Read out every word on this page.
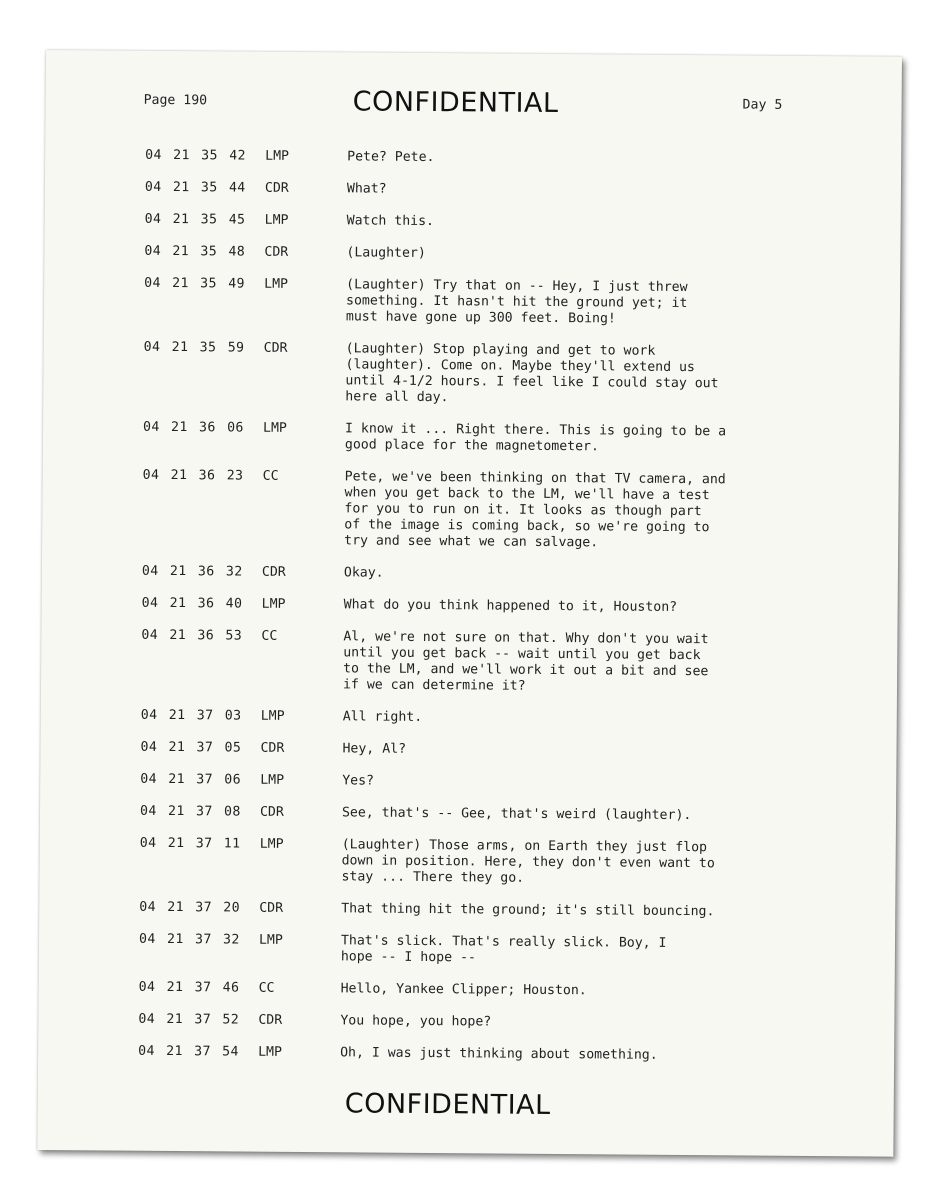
Page 190	CONFIDENTIAL	Day 5
04 21 35 42 LMP	Pete? Pete.
04 21 35 44 CDR	What?
04 21 35 45 LMP	Watch this.
04 21 35 48 CDR	(Laughter)
04 21 35 49 LMP	(Laughter) Try that on -- Hey, I just threw
something. It hasn't hit the ground yet; it
must have gone up 300 feet. Boing!
04 21 35 59 CDR	(Laughter) Stop playing and get to work
(laughter). Come on. Maybe they'll extend us
until 4-1/2 hours. I feel like I could stay out
here all day.
04 21 36 06 LMP	I know it ... Right there. This is going to be a
good place for the magnetometer.
04 21 36 23 CC	Pete, we've been thinking on that TV camera, and
when you get back to the LM, we'll have a test
for you to run on it. It looks as though part
of the image is coming back, so we're going to
try and see what we can salvage.
04 21 36 32 CDR	Okay.
04 21 36 40 LMP	What do you think happened to it, Houston?
04 21 36 53 CC	Al, we're not sure on that. Why don't you wait
until you get back -- wait until you get back
to the LM, and we'll work it out a bit and see
if we can determine it?
04 21 37 03 LMP	All right.
04 21 37 05 CDR	Hey, Al?
04 21 37 06 LMP	Yes?
04 21 37 08 CDR	See, that's -- Gee, that's weird (laughter).
04 21 37 11 LMP	(Laughter) Those arms, on Earth they just flop
down in position. Here, they don't even want to
stay ... There they go.
04 21 37 20 CDR	That thing hit the ground; it's still bouncing.
04 21 37 32 LMP	That's slick. That's really slick. Boy, I
hope -- I hope --
04 21 37 46 CC	Hello, Yankee Clipper; Houston.
04 21 37 52 CDR	You hope, you hope?
04 21 37 54 LMP	Oh, I was just thinking about something.
CONFIDENTIAL
